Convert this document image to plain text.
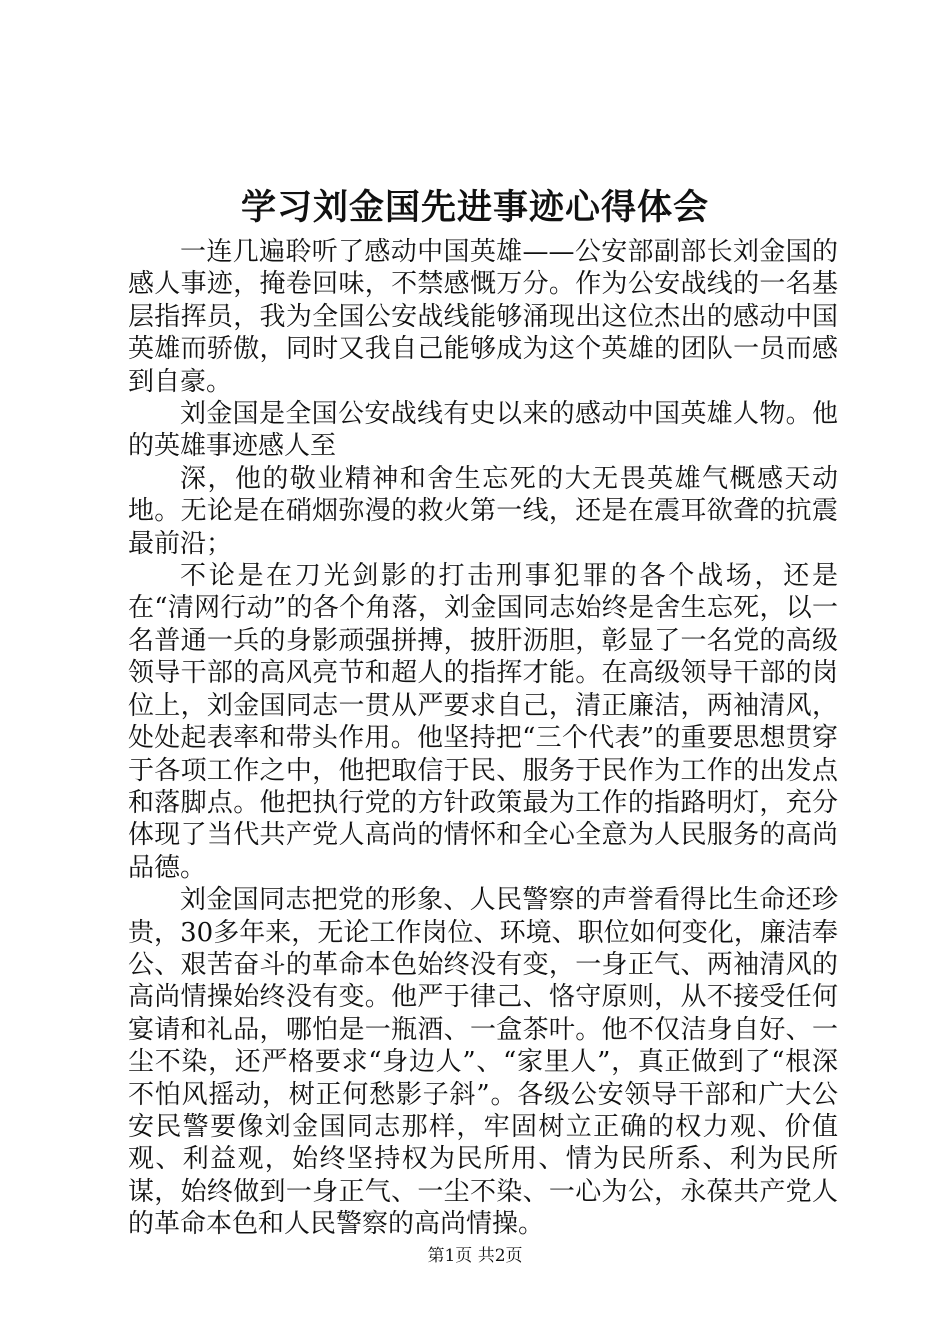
学习刘金国先进事迹心得体会

一连几遍聆听了感动中国英雄——公安部副部长刘金国的感人事迹，掩卷回味，不禁感慨万分。作为公安战线的一名基层指挥员，我为全国公安战线能够涌现出这位杰出的感动中国英雄而骄傲，同时又我自己能够成为这个英雄的团队一员而感到自豪。

刘金国是全国公安战线有史以来的感动中国英雄人物。他的英雄事迹感人至

深，他的敬业精神和舍生忘死的大无畏英雄气概感天动地。无论是在硝烟弥漫的救火第一线，还是在震耳欲聋的抗震最前沿；

不论是在刀光剑影的打击刑事犯罪的各个战场，还是在“清网行动”的各个角落，刘金国同志始终是舍生忘死，以一名普通一兵的身影顽强拼搏，披肝沥胆，彰显了一名党的高级领导干部的高风亮节和超人的指挥才能。在高级领导干部的岗位上，刘金国同志一贯从严要求自己，清正廉洁，两袖清风，处处起表率和带头作用。他坚持把“三个代表”的重要思想贯穿于各项工作之中，他把取信于民、服务于民作为工作的出发点和落脚点。他把执行党的方针政策最为工作的指路明灯，充分体现了当代共产党人高尚的情怀和全心全意为人民服务的高尚品德。

刘金国同志把党的形象、人民警察的声誉看得比生命还珍贵，30多年来，无论工作岗位、环境、职位如何变化，廉洁奉公、艰苦奋斗的革命本色始终没有变，一身正气、两袖清风的高尚情操始终没有变。他严于律己、恪守原则，从不接受任何宴请和礼品，哪怕是一瓶酒、一盒茶叶。他不仅洁身自好、一尘不染，还严格要求“身边人”、“家里人”，真正做到了“根深不怕风摇动，树正何愁影子斜”。各级公安领导干部和广大公安民警要像刘金国同志那样，牢固树立正确的权力观、价值观、利益观，始终坚持权为民所用、情为民所系、利为民所谋，始终做到一身正气、一尘不染、一心为公，永葆共产党人的革命本色和人民警察的高尚情操。

第1页 共2页
